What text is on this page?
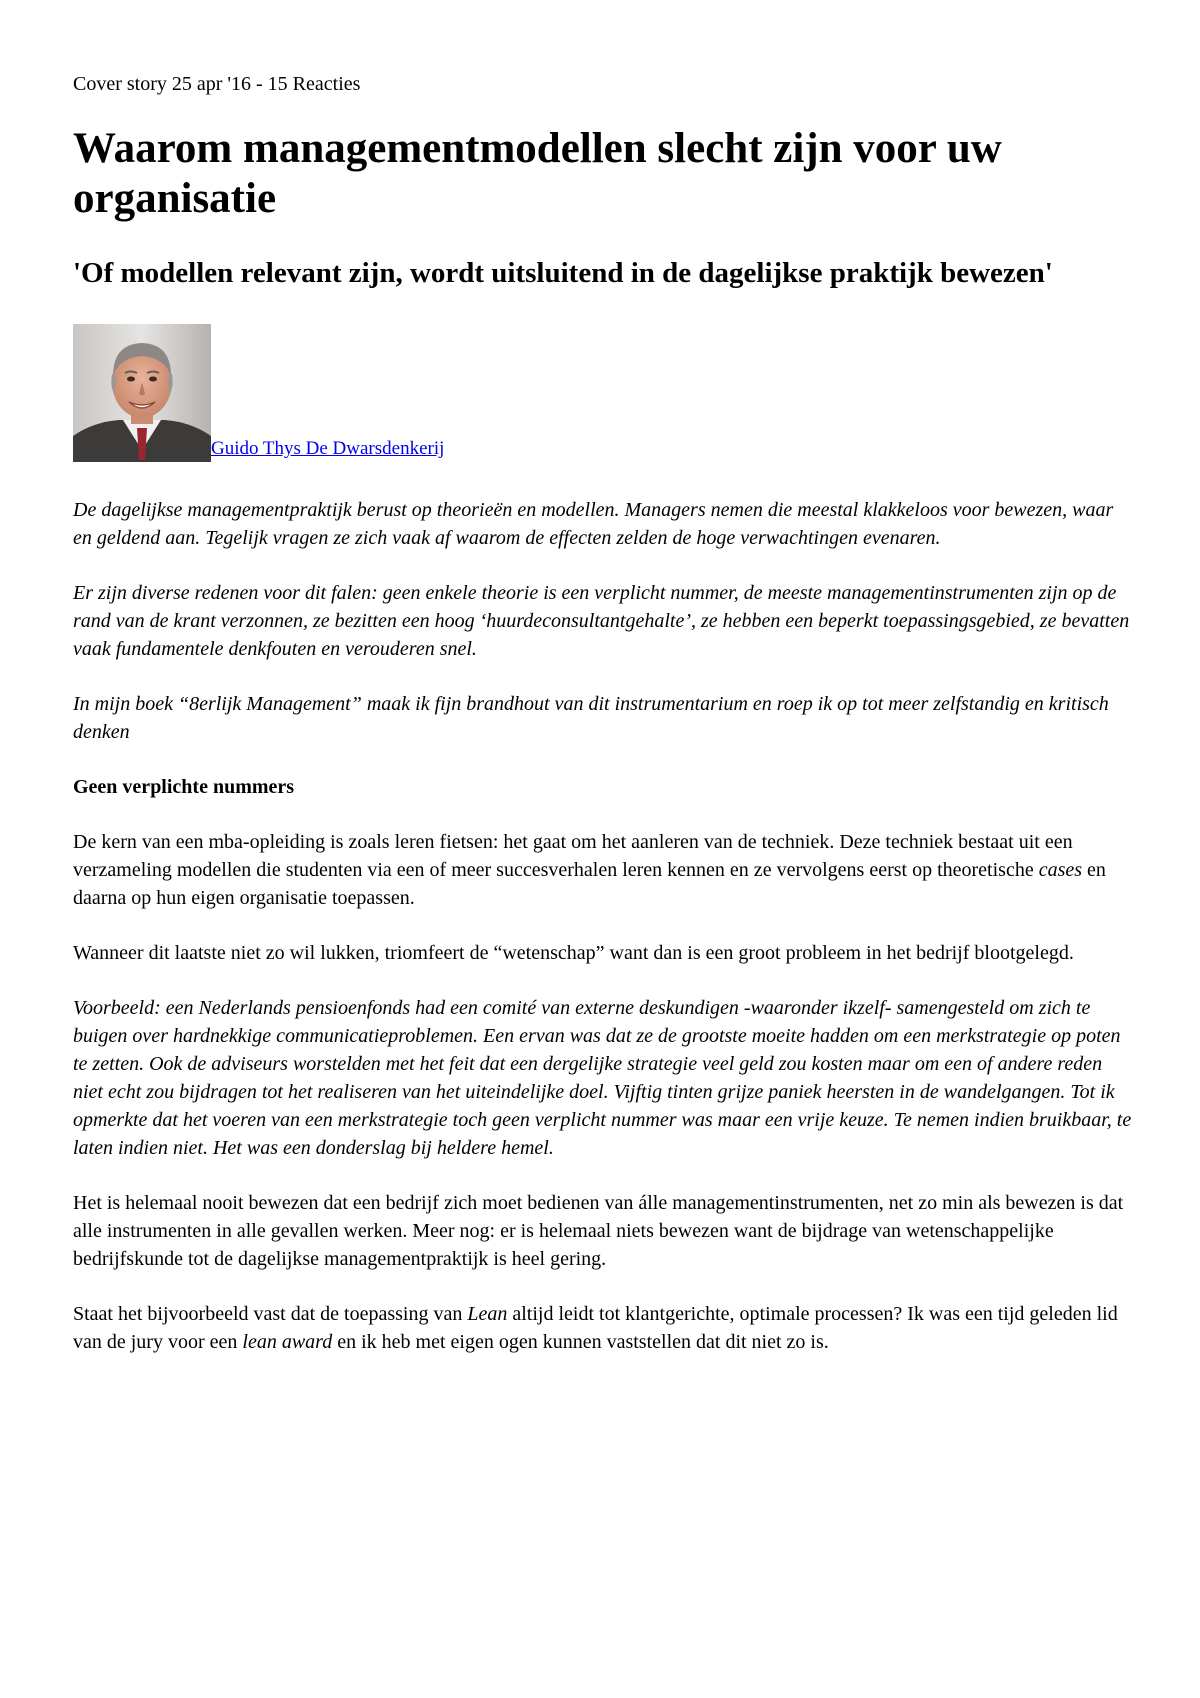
Cover story 25 apr '16 - 15 Reacties

Waarom managementmodellen slecht zijn voor uw organisatie
'Of modellen relevant zijn, wordt uitsluitend in de dagelijkse praktijk bewezen'
Guido Thys De Dwarsdenkerij

De dagelijkse managementpraktijk berust op theorieën en modellen. Managers nemen die meestal klakkeloos voor bewezen, waar en geldend aan. Tegelijk vragen ze zich vaak af waarom de effecten zelden de hoge verwachtingen evenaren.

Er zijn diverse redenen voor dit falen: geen enkele theorie is een verplicht nummer, de meeste managementinstrumenten zijn op de rand van de krant verzonnen, ze bezitten een hoog ‘huurdeconsultantgehalte’, ze hebben een beperkt toepassingsgebied, ze bevatten vaak fundamentele denkfouten en verouderen snel.

In mijn boek “8erlijk Management” maak ik fijn brandhout van dit instrumentarium en roep ik op tot meer zelfstandig en kritisch denken

Geen verplichte nummers

De kern van een mba-opleiding is zoals leren fietsen: het gaat om het aanleren van de techniek. Deze techniek bestaat uit een verzameling modellen die studenten via een of meer succesverhalen leren kennen en ze vervolgens eerst op theoretische cases en daarna op hun eigen organisatie toepassen.

Wanneer dit laatste niet zo wil lukken, triomfeert de “wetenschap” want dan is een groot probleem in het bedrijf blootgelegd.

Voorbeeld: een Nederlands pensioenfonds had een comité van externe deskundigen -waaronder ikzelf- samengesteld om zich te buigen over hardnekkige communicatieproblemen. Een ervan was dat ze de grootste moeite hadden om een merkstrategie op poten te zetten. Ook de adviseurs worstelden met het feit dat een dergelijke strategie veel geld zou kosten maar om een of andere reden niet echt zou bijdragen tot het realiseren van het uiteindelijke doel. Vijftig tinten grijze paniek heersten in de wandelgangen. Tot ik opmerkte dat het voeren van een merkstrategie toch geen verplicht nummer was maar een vrije keuze. Te nemen indien bruikbaar, te laten indien niet. Het was een donderslag bij heldere hemel.

Het is helemaal nooit bewezen dat een bedrijf zich moet bedienen van álle managementinstrumenten, net zo min als bewezen is dat alle instrumenten in alle gevallen werken. Meer nog: er is helemaal niets bewezen want de bijdrage van wetenschappelijke bedrijfskunde tot de dagelijkse managementpraktijk is heel gering.

Staat het bijvoorbeeld vast dat de toepassing van Lean altijd leidt tot klantgerichte, optimale processen? Ik was een tijd geleden lid van de jury voor een lean award en ik heb met eigen ogen kunnen vaststellen dat dit niet zo is.
